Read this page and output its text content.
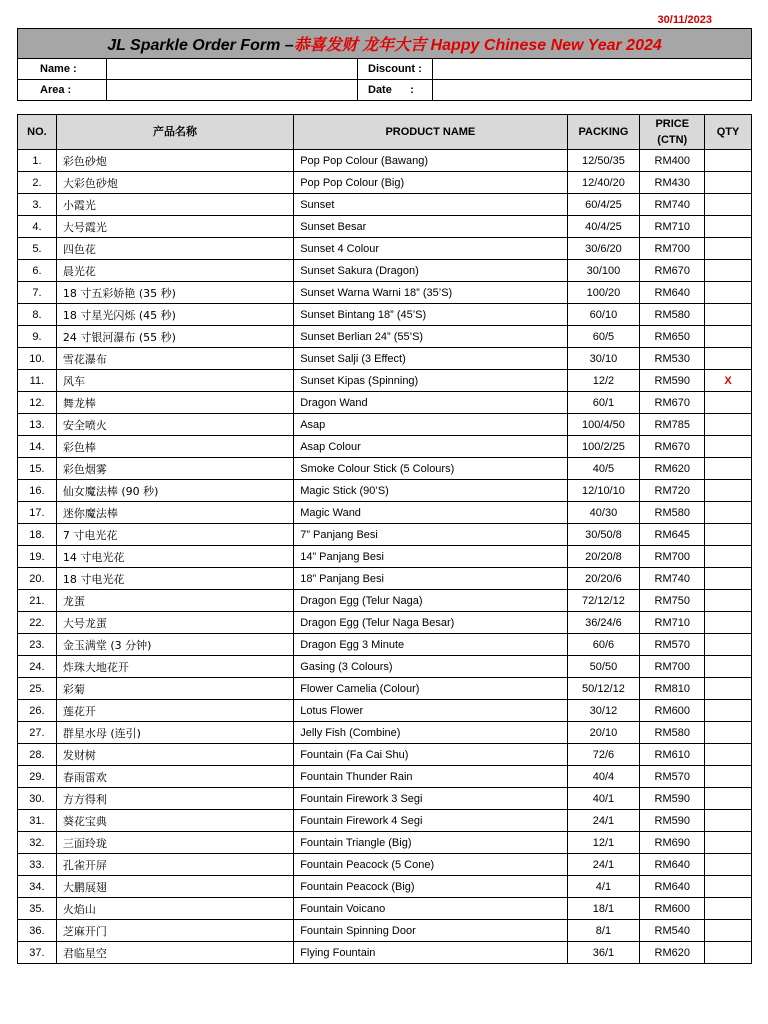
30/11/2023
JL Sparkle Order Form –恭喜发财 龙年大吉 Happy Chinese New Year 2024			
Name :		Discount :	
Area :		Date      :	
NO.	产品名称	PRODUCT NAME	PACKING	PRICE
(CTN)	QTY
1.	彩色砂炮	Pop Pop Colour (Bawang)	12/50/35	RM400	
2.	大彩色砂炮	Pop Pop Colour (Big)	12/40/20	RM430	
3.	小霞光	Sunset	60/4/25	RM740	
4.	大号霞光	Sunset Besar	40/4/25	RM710	
5.	四色花	Sunset 4 Colour	30/6/20	RM700	
6.	晨光花	Sunset Sakura (Dragon)	30/100	RM670	
7.	18 寸五彩娇艳 (35 秒)	Sunset Warna Warni 18” (35’S)	100/20	RM640	
8.	18 寸星光闪烁 (45 秒)	Sunset Bintang 18” (45’S)	60/10	RM580	
9.	24 寸银河瀑布 (55 秒)	Sunset Berlian 24” (55’S)	60/5	RM650	
10.	雪花瀑布	Sunset Salji (3 Effect)	30/10	RM530	
11.	风车	Sunset Kipas (Spinning)	12/2	RM590	X
12.	舞龙棒	Dragon Wand	60/1	RM670	
13.	安全喷火	Asap	100/4/50	RM785	
14.	彩色棒	Asap Colour	100/2/25	RM670	
15.	彩色烟雾	Smoke Colour Stick (5 Colours)	40/5	RM620	
16.	仙女魔法棒 (90 秒)	Magic Stick (90’S)	12/10/10	RM720	
17.	迷你魔法棒	Magic Wand	40/30	RM580	
18.	7 寸电光花	7” Panjang Besi	30/50/8	RM645	
19.	14 寸电光花	14” Panjang Besi	20/20/8	RM700	
20.	18 寸电光花	18” Panjang Besi	20/20/6	RM740	
21.	龙蛋	Dragon Egg (Telur Naga)	72/12/12	RM750	
22.	大号龙蛋	Dragon Egg (Telur Naga Besar)	36/24/6	RM710	
23.	金玉满堂 (3 分钟)	Dragon Egg 3 Minute	60/6	RM570	
24.	炸珠大地花开	Gasing (3 Colours)	50/50	RM700	
25.	彩菊	Flower Camelia (Colour)	50/12/12	RM810	
26.	莲花开	Lotus Flower	30/12	RM600	
27.	群星水母 (连引)	Jelly Fish (Combine)	20/10	RM580	
28.	发财树	Fountain (Fa Cai Shu)	72/6	RM610	
29.	春雨雷欢	Fountain Thunder Rain	40/4	RM570	
30.	方方得利	Fountain Firework 3 Segi	40/1	RM590	
31.	葵花宝典	Fountain Firework 4 Segi	24/1	RM590	
32.	三面玲珑	Fountain Triangle (Big)	12/1	RM690	
33.	孔雀开屏	Fountain Peacock (5 Cone)	24/1	RM640	
34.	大鹏展翅	Fountain Peacock (Big)	4/1	RM640	
35.	火焰山	Fountain Voicano	18/1	RM600	
36.	芝麻开门	Fountain Spinning Door	8/1	RM540	
37.	君临星空	Flying Fountain	36/1	RM620	
